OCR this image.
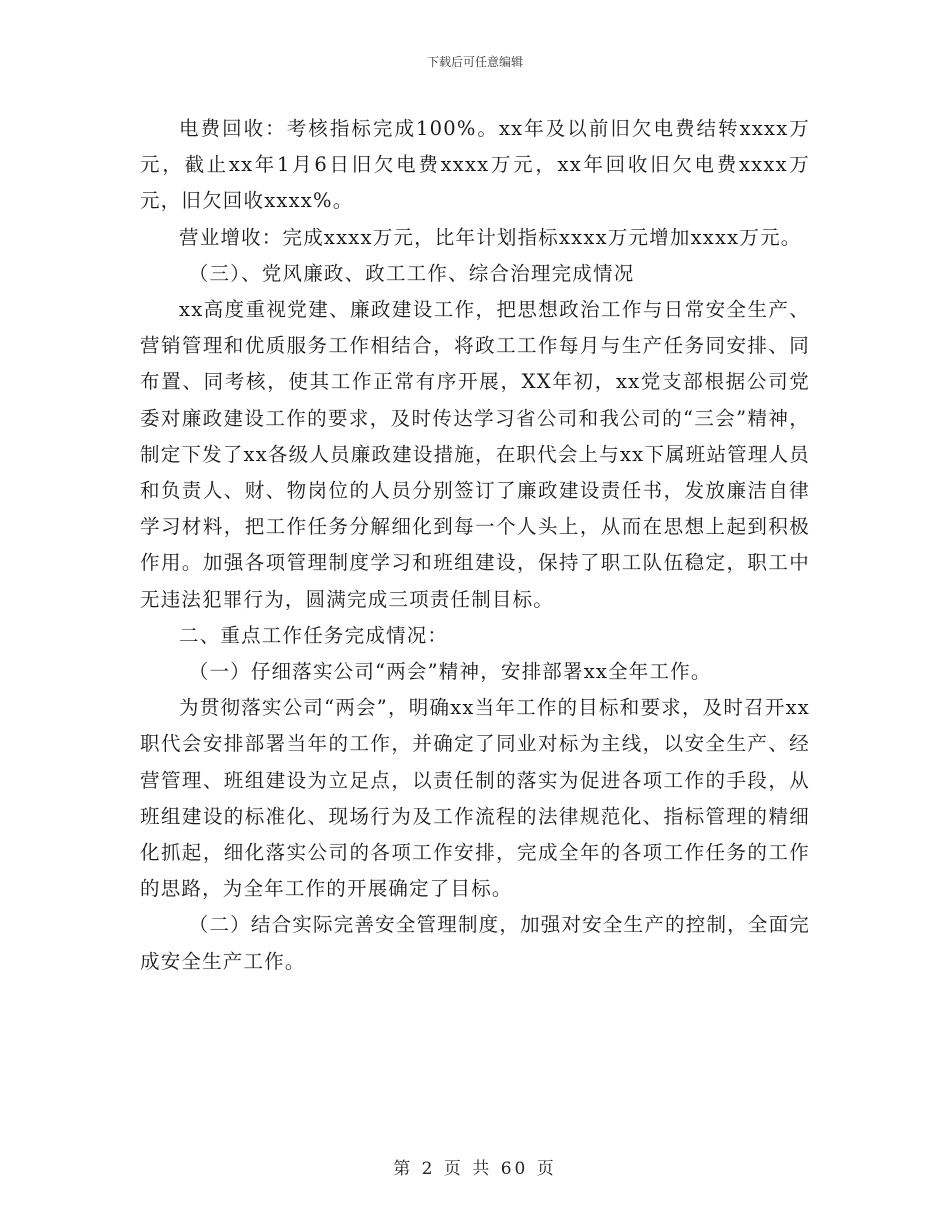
下载后可任意编辑

电费回收：考核指标完成100%。xx年及以前旧欠电费结转xxxx万元，截止xx年1月6日旧欠电费xxxx万元，xx年回收旧欠电费xxxx万元，旧欠回收xxxx%。

营业增收：完成xxxx万元，比年计划指标xxxx万元增加xxxx万元。

（三）、党风廉政、政工工作、综合治理完成情况

xx高度重视党建、廉政建设工作，把思想政治工作与日常安全生产、营销管理和优质服务工作相结合，将政工工作每月与生产任务同安排、同布置、同考核，使其工作正常有序开展，XX年初，xx党支部根据公司党委对廉政建设工作的要求，及时传达学习省公司和我公司的“三会”精神，制定下发了xx各级人员廉政建设措施，在职代会上与xx下属班站管理人员和负责人、财、物岗位的人员分别签订了廉政建设责任书，发放廉洁自律学习材料，把工作任务分解细化到每一个人头上，从而在思想上起到积极作用。加强各项管理制度学习和班组建设，保持了职工队伍稳定，职工中无违法犯罪行为，圆满完成三项责任制目标。

二、重点工作任务完成情况：

（一）仔细落实公司“两会”精神，安排部署xx全年工作。

为贯彻落实公司“两会”，明确xx当年工作的目标和要求，及时召开xx职代会安排部署当年的工作，并确定了同业对标为主线，以安全生产、经营管理、班组建设为立足点，以责任制的落实为促进各项工作的手段，从班组建设的标准化、现场行为及工作流程的法律规范化、指标管理的精细化抓起，细化落实公司的各项工作安排，完成全年的各项工作任务的工作的思路，为全年工作的开展确定了目标。

（二）结合实际完善安全管理制度，加强对安全生产的控制，全面完成安全生产工作。

第 2 页 共 60 页
